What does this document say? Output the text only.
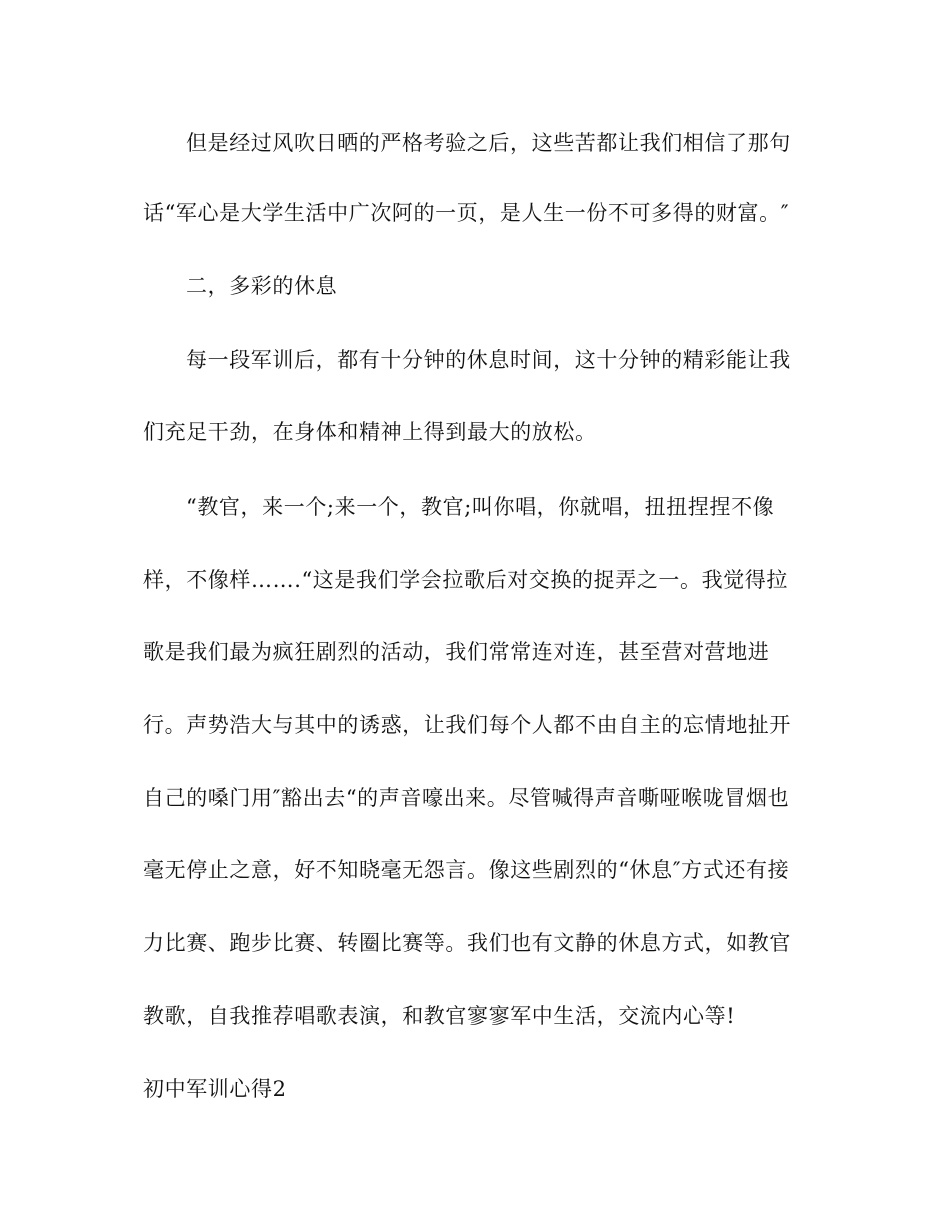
但是经过风吹日晒的严格考验之后，这些苦都让我们相信了那句
话“军心是大学生活中广次阿的一页，是人生一份不可多得的财富。″
二，多彩的休息
每一段军训后，都有十分钟的休息时间，这十分钟的精彩能让我
们充足干劲，在身体和精神上得到最大的放松。
“教官，来一个;来一个，教官;叫你唱，你就唱，扭扭捏捏不像
样，不像样…….“这是我们学会拉歌后对交换的捉弄之一。我觉得拉
歌是我们最为疯狂剧烈的活动，我们常常连对连，甚至营对营地进
行。声势浩大与其中的诱惑，让我们每个人都不由自主的忘情地扯开
自己的嗓门用″豁出去“的声音嚎出来。尽管喊得声音嘶哑喉咙冒烟也
毫无停止之意，好不知晓毫无怨言。像这些剧烈的“休息″方式还有接
力比赛、跑步比赛、转圈比赛等。我们也有文静的休息方式，如教官
教歌，自我推荐唱歌表演，和教官寥寥军中生活，交流内心等!
初中军训心得2
